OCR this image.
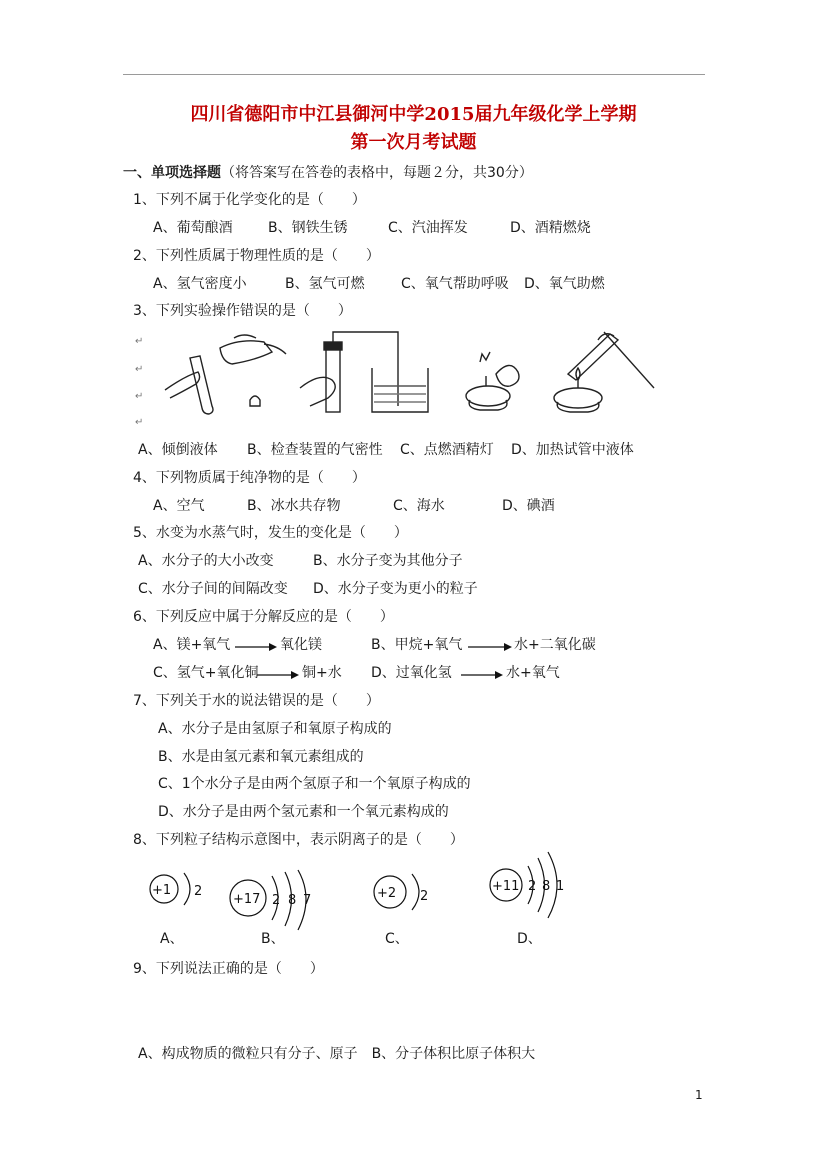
四川省德阳市中江县御河中学2015届九年级化学上学期
第一次月考试题
一、单项选择题（将答案写在答卷的表格中，每题２分，共30分）
1、下列不属于化学变化的是（　　）
A、葡萄酿酒	B、钢铁生锈	C、汽油挥发	D、酒精燃烧
2、下列性质属于物理性质的是（　　）
A、氢气密度小	B、氢气可燃	C、氧气帮助呼吸 D、氧气助燃
3、下列实验操作错误的是（　　）
↵
↵
↵
↵
A、倾倒液体 B、检查装置的气密性 C、点燃酒精灯 D、加热试管中液体
4、下列物质属于纯净物的是（　　）
A、空气	B、冰水共存物	C、海水	D、碘酒
5、水变为水蒸气时，发生的变化是（　　）
A、水分子的大小改变	B、水分子变为其他分子
C、水分子间的间隔改变 D、水分子变为更小的粒子
6、下列反应中属于分解反应的是（　　）
A、镁+氧气 → 氧化镁	B、甲烷+氧气 → 水+二氧化碳
C、氢气+氧化铜 → 铜+水 D、过氧化氢 → 水+氧气
7、下列关于水的说法错误的是（　　）
A、水分子是由氢原子和氧原子构成的
B、水是由氢元素和氧元素组成的
C、1个水分子是由两个氢原子和一个氧原子构成的
D、水分子是由两个氢元素和一个氧元素构成的
8、下列粒子结构示意图中，表示阴离子的是（　　）
+1 2
+17 2 8 7	+2 2
+11 2 8 1
A、	B、	C、	D、
9、下列说法正确的是（　　）
A、构成物质的微粒只有分子、原子　B、分子体积比原子体积大
1
